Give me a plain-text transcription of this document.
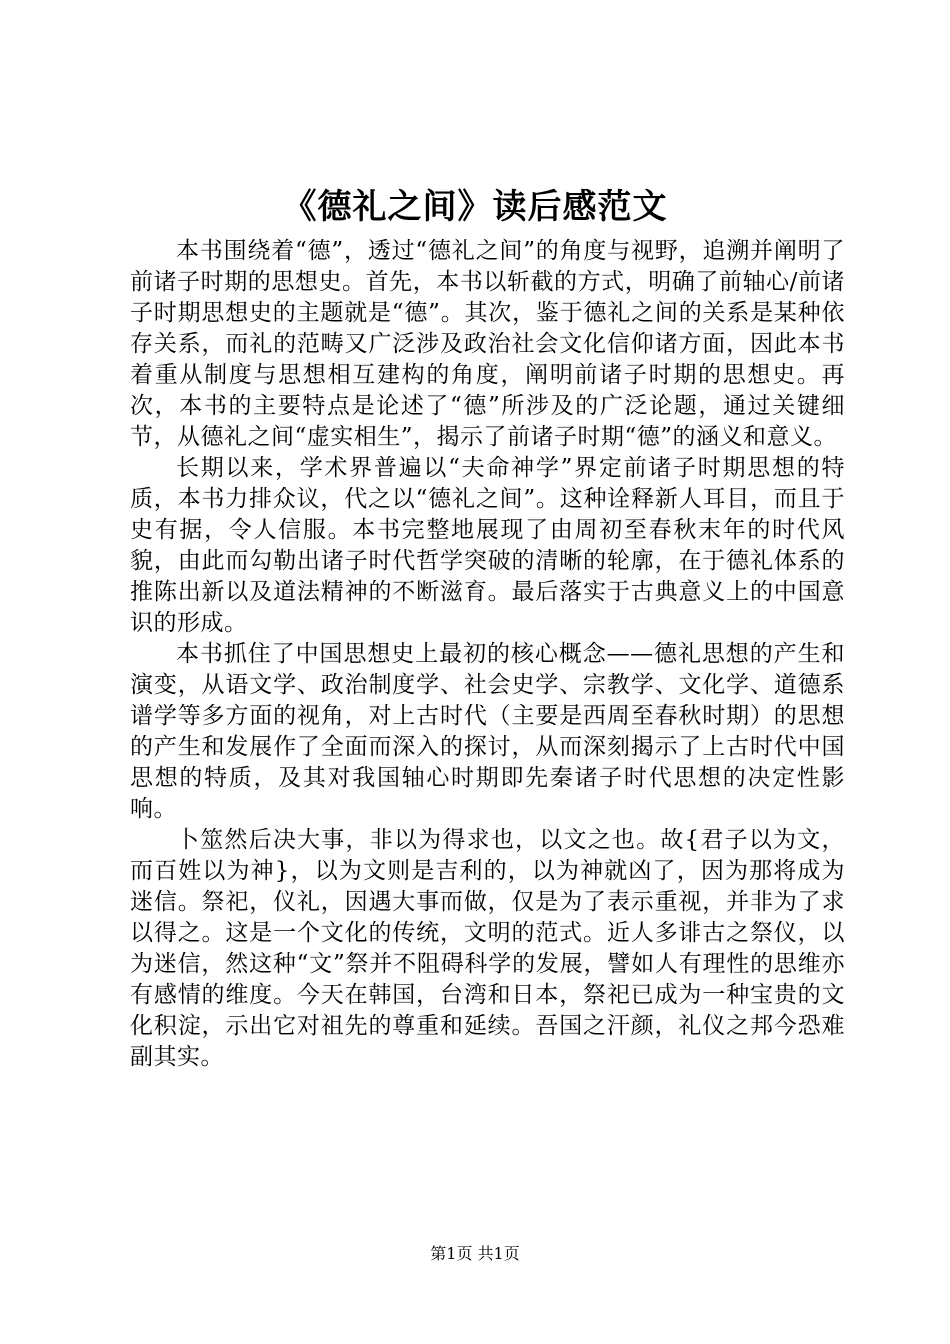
《德礼之间》读后感范文

本书围绕着“德”，透过“德礼之间”的角度与视野，追溯并阐明了前诸子时期的思想史。首先，本书以斩截的方式，明确了前轴心/前诸子时期思想史的主题就是“德”。其次，鉴于德礼之间的关系是某种依存关系，而礼的范畴又广泛涉及政治社会文化信仰诸方面，因此本书着重从制度与思想相互建构的角度，阐明前诸子时期的思想史。再次，本书的主要特点是论述了“德”所涉及的广泛论题，通过关键细节，从德礼之间“虚实相生”，揭示了前诸子时期“德”的涵义和意义。

长期以来，学术界普遍以“夫命神学”界定前诸子时期思想的特质，本书力排众议，代之以“德礼之间”。这种诠释新人耳目，而且于史有据，令人信服。本书完整地展现了由周初至春秋末年的时代风貌，由此而勾勒出诸子时代哲学突破的清晰的轮廓，在于德礼体系的推陈出新以及道法精神的不断滋育。最后落实于古典意义上的中国意识的形成。

本书抓住了中国思想史上最初的核心概念——德礼思想的产生和演变，从语文学、政治制度学、社会史学、宗教学、文化学、道德系谱学等多方面的视角，对上古时代（主要是西周至春秋时期）的思想的产生和发展作了全面而深入的探讨，从而深刻揭示了上古时代中国思想的特质，及其对我国轴心时期即先秦诸子时代思想的决定性影响。

卜筮然后决大事，非以为得求也，以文之也。故{君子以为文，而百姓以为神}，以为文则是吉利的，以为神就凶了，因为那将成为迷信。祭祀，仪礼，因遇大事而做，仅是为了表示重视，并非为了求以得之。这是一个文化的传统，文明的范式。近人多诽古之祭仪，以为迷信，然这种“文”祭并不阻碍科学的发展，譬如人有理性的思维亦有感情的维度。今天在韩国，台湾和日本，祭祀已成为一种宝贵的文化积淀，示出它对祖先的尊重和延续。吾国之汗颜，礼仪之邦今恐难副其实。

第1页 共1页
